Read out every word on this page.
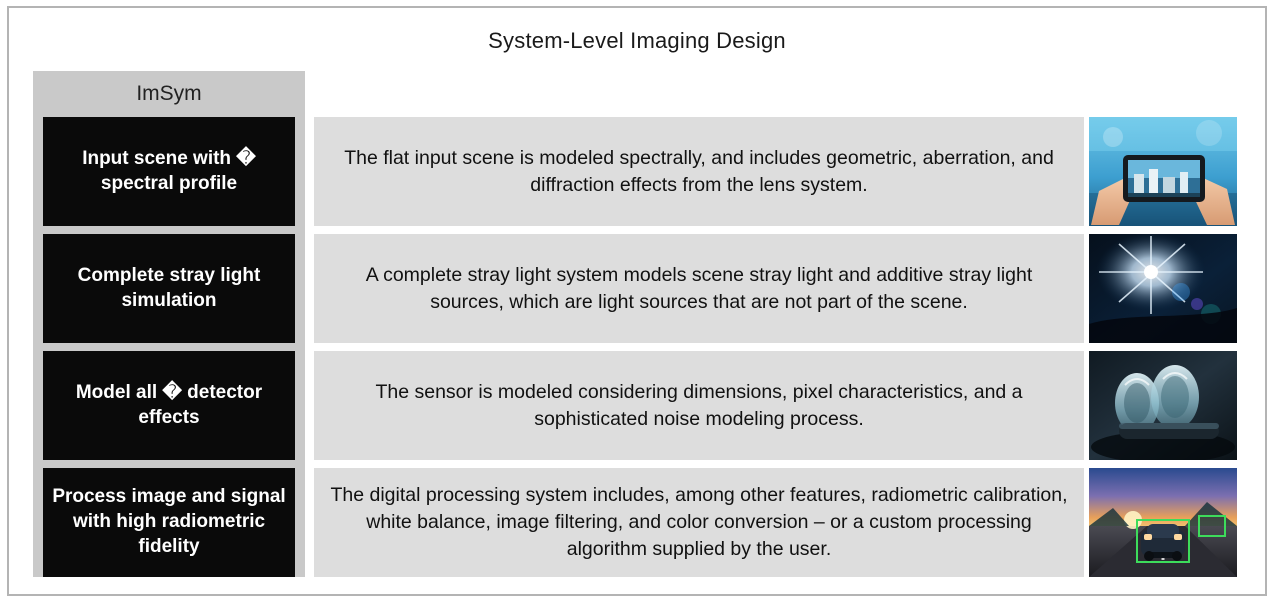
System-Level Imaging Design
ImSym
Input scene with � spectral profile
The flat input scene is modeled spectrally, and includes geometric, aberration, and diffraction effects from the lens system.
Complete stray light simulation
A complete stray light system models scene stray light and additive stray light sources, which are light sources that are not part of the scene.
Model all � detector effects
The sensor is modeled considering dimensions, pixel characteristics, and a sophisticated noise modeling process.
Process image and signal with high radiometric fidelity
The digital processing system includes, among other features, radiometric calibration, white balance, image filtering, and color conversion – or a custom processing algorithm supplied by the user.
